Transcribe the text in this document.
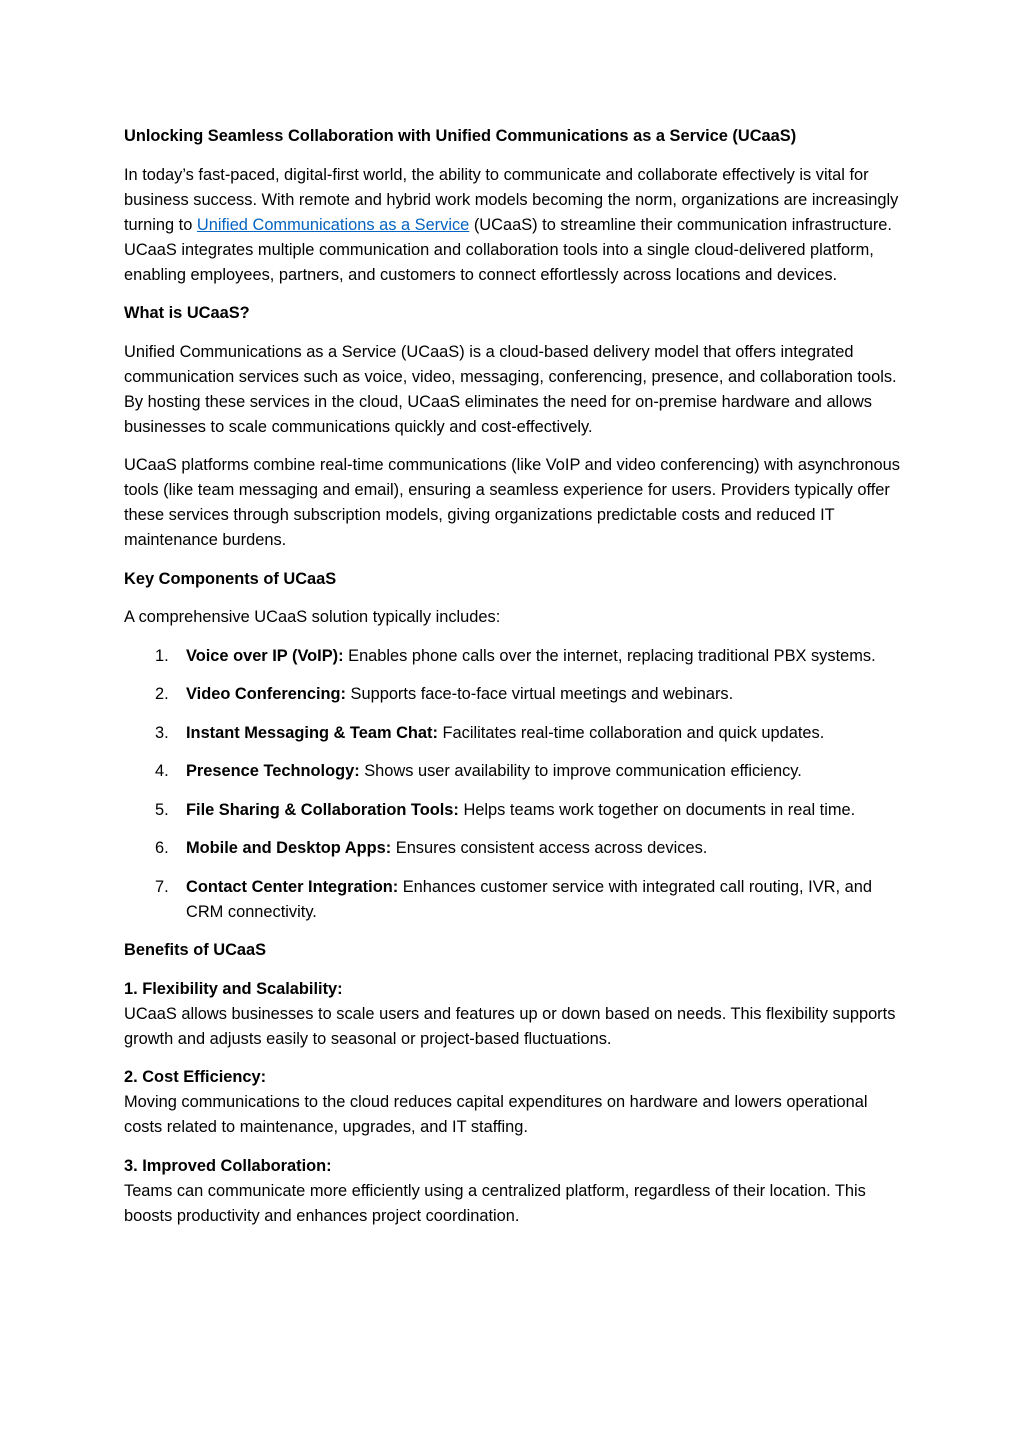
Unlocking Seamless Collaboration with Unified Communications as a Service (UCaaS)

In today’s fast-paced, digital-first world, the ability to communicate and collaborate effectively is vital for business success. With remote and hybrid work models becoming the norm, organizations are increasingly turning to Unified Communications as a Service (UCaaS) to streamline their communication infrastructure. UCaaS integrates multiple communication and collaboration tools into a single cloud-delivered platform, enabling employees, partners, and customers to connect effortlessly across locations and devices.

What is UCaaS?

Unified Communications as a Service (UCaaS) is a cloud-based delivery model that offers integrated communication services such as voice, video, messaging, conferencing, presence, and collaboration tools. By hosting these services in the cloud, UCaaS eliminates the need for on-premise hardware and allows businesses to scale communications quickly and cost-effectively.

UCaaS platforms combine real-time communications (like VoIP and video conferencing) with asynchronous tools (like team messaging and email), ensuring a seamless experience for users. Providers typically offer these services through subscription models, giving organizations predictable costs and reduced IT maintenance burdens.

Key Components of UCaaS

A comprehensive UCaaS solution typically includes:

1. Voice over IP (VoIP): Enables phone calls over the internet, replacing traditional PBX systems.
2. Video Conferencing: Supports face-to-face virtual meetings and webinars.
3. Instant Messaging & Team Chat: Facilitates real-time collaboration and quick updates.
4. Presence Technology: Shows user availability to improve communication efficiency.
5. File Sharing & Collaboration Tools: Helps teams work together on documents in real time.
6. Mobile and Desktop Apps: Ensures consistent access across devices.
7. Contact Center Integration: Enhances customer service with integrated call routing, IVR, and CRM connectivity.

Benefits of UCaaS

1. Flexibility and Scalability:
UCaaS allows businesses to scale users and features up or down based on needs. This flexibility supports growth and adjusts easily to seasonal or project-based fluctuations.

2. Cost Efficiency:
Moving communications to the cloud reduces capital expenditures on hardware and lowers operational costs related to maintenance, upgrades, and IT staffing.

3. Improved Collaboration:
Teams can communicate more efficiently using a centralized platform, regardless of their location. This boosts productivity and enhances project coordination.
